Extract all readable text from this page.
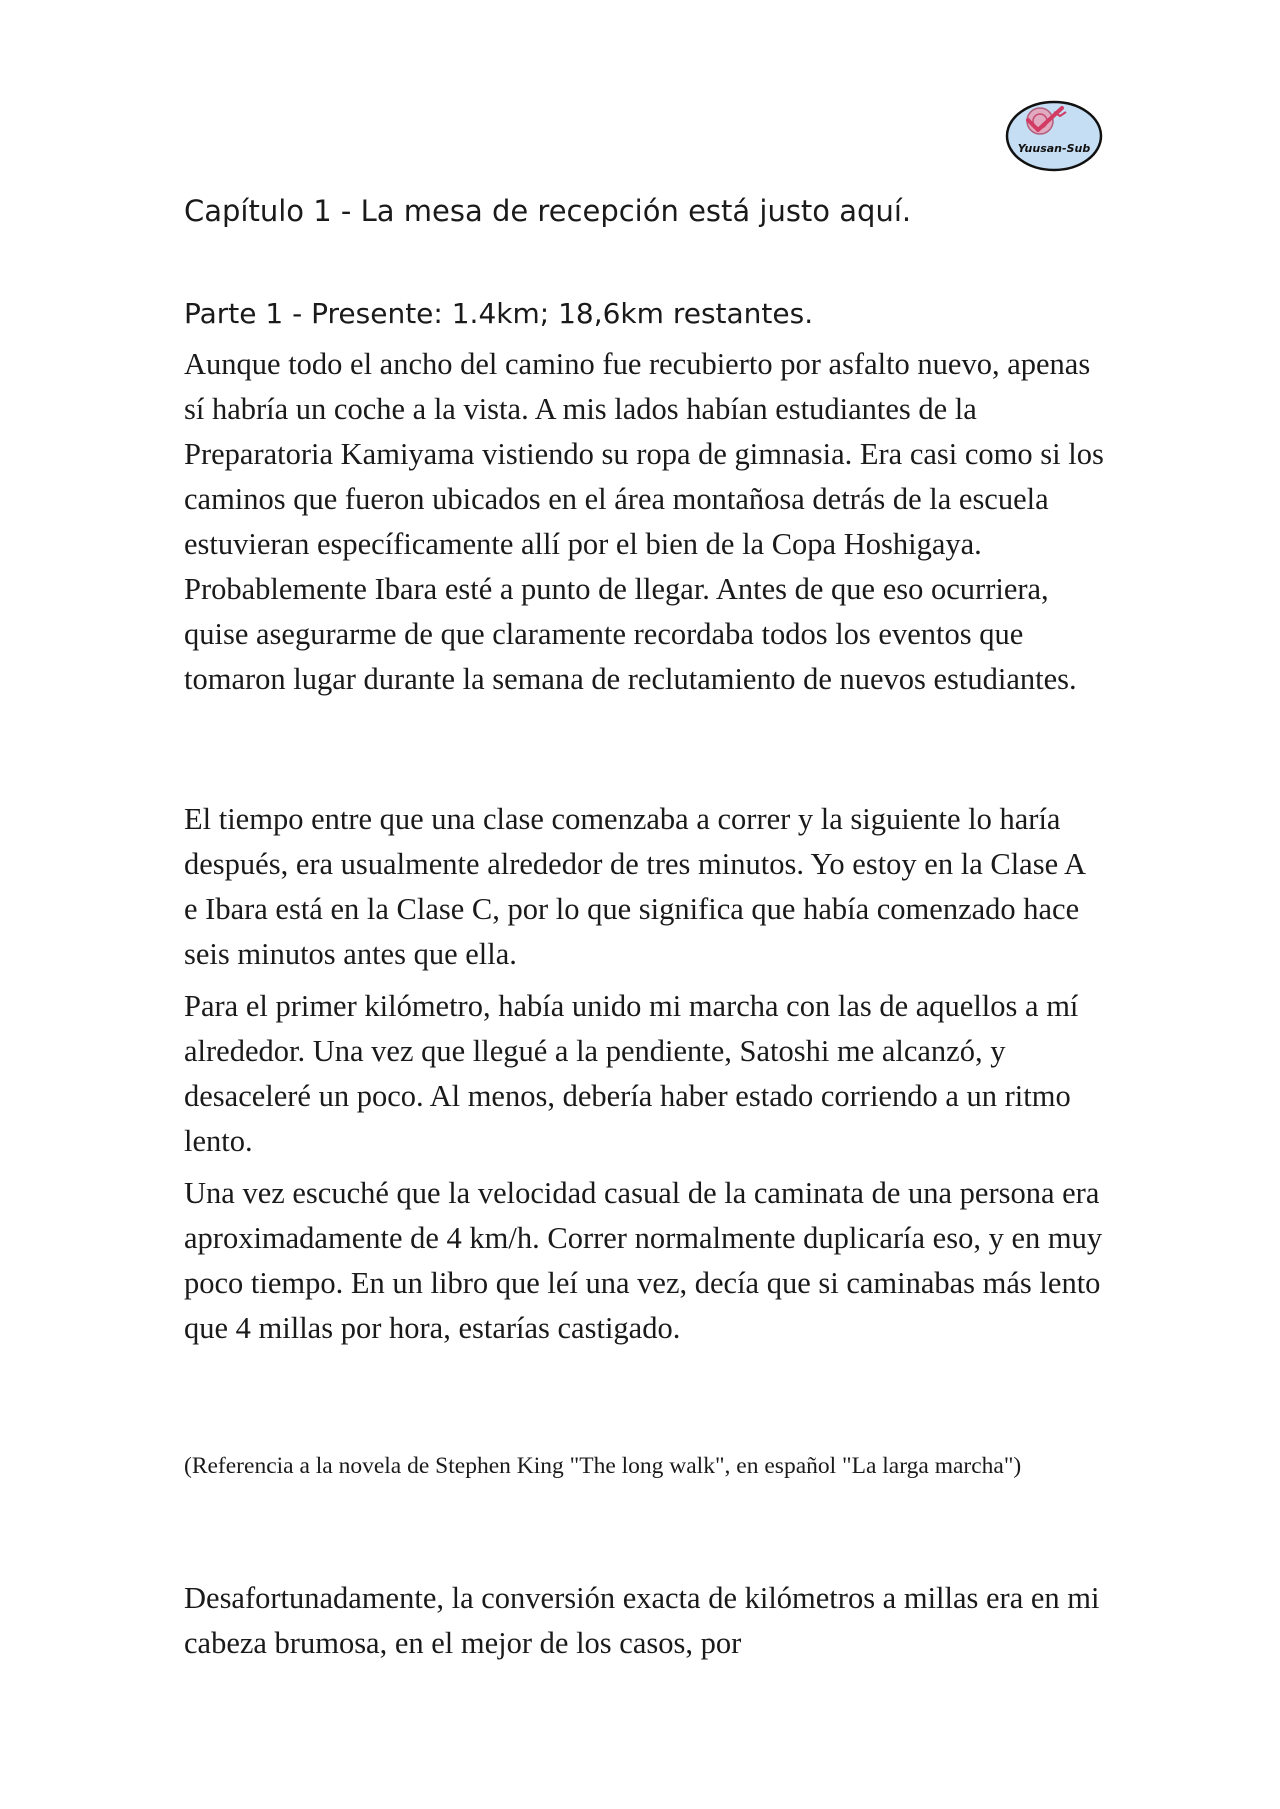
Yuusan-Sub
Capítulo 1 - La mesa de recepción está justo aquí.
Parte 1 - Presente: 1.4km; 18,6km restantes.

Aunque todo el ancho del camino fue recubierto por asfalto nuevo, apenas sí habría un coche a la vista. A mis lados habían estudiantes de la Preparatoria Kamiyama vistiendo su ropa de gimnasia. Era casi como si los caminos que fueron ubicados en el área montañosa detrás de la escuela estuvieran específicamente allí por el bien de la Copa Hoshigaya. Probablemente Ibara esté a punto de llegar. Antes de que eso ocurriera, quise asegurarme de que claramente recordaba todos los eventos que tomaron lugar durante la semana de reclutamiento de nuevos estudiantes.

El tiempo entre que una clase comenzaba a correr y la siguiente lo haría después, era usualmente alrededor de tres minutos. Yo estoy en la Clase A e Ibara está en la Clase C, por lo que significa que había comenzado hace seis minutos antes que ella.

Para el primer kilómetro, había unido mi marcha con las de aquellos a mí alrededor. Una vez que llegué a la pendiente, Satoshi me alcanzó, y desaceleré un poco. Al menos, debería haber estado corriendo a un ritmo lento.

Una vez escuché que la velocidad casual de la caminata de una persona era aproximadamente de 4 km/h. Correr normalmente duplicaría eso, y en muy poco tiempo. En un libro que leí una vez, decía que si caminabas más lento que 4 millas por hora, estarías castigado.

(Referencia a la novela de Stephen King "The long walk", en español "La larga marcha")

Desafortunadamente, la conversión exacta de kilómetros a millas era en mi cabeza brumosa, en el mejor de los casos, por
